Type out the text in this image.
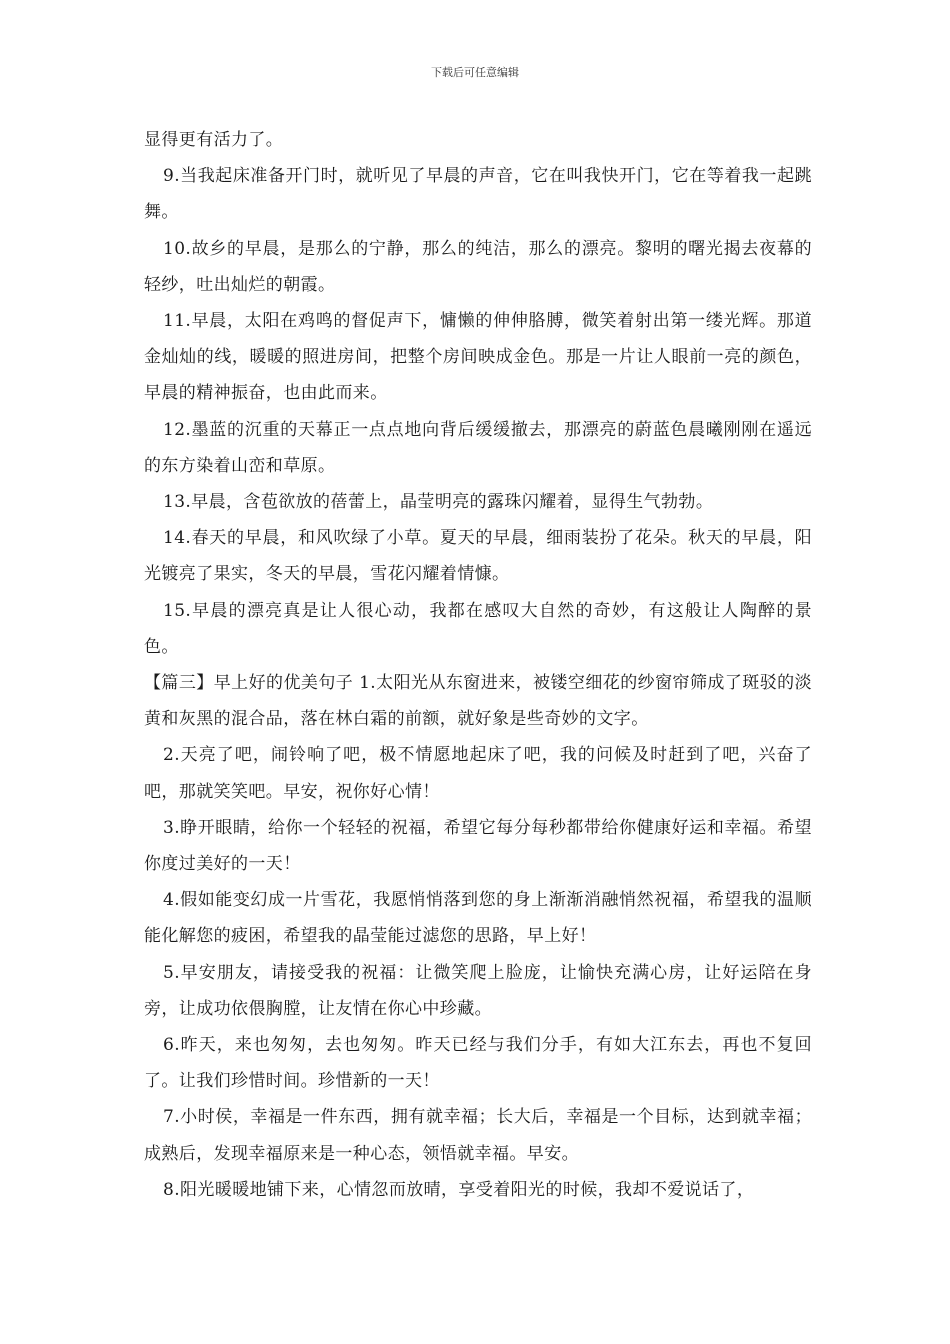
下载后可任意编辑

显得更有活力了。

9.当我起床准备开门时，就听见了早晨的声音，它在叫我快开门，它在等着我一起跳舞。

10.故乡的早晨，是那么的宁静，那么的纯洁，那么的漂亮。黎明的曙光揭去夜幕的轻纱，吐出灿烂的朝霞。

11.早晨，太阳在鸡鸣的督促声下，慵懒的伸伸胳膊，微笑着射出第一缕光辉。那道金灿灿的线，暖暖的照进房间，把整个房间映成金色。那是一片让人眼前一亮的颜色，早晨的精神振奋，也由此而来。

12.墨蓝的沉重的天幕正一点点地向背后缓缓撤去，那漂亮的蔚蓝色晨曦刚刚在遥远的东方染着山峦和草原。

13.早晨，含苞欲放的蓓蕾上，晶莹明亮的露珠闪耀着，显得生气勃勃。

14.春天的早晨，和风吹绿了小草。夏天的早晨，细雨装扮了花朵。秋天的早晨，阳光镀亮了果实，冬天的早晨，雪花闪耀着情慷。

15.早晨的漂亮真是让人很心动，我都在感叹大自然的奇妙，有这般让人陶醉的景色。

【篇三】早上好的优美句子 1.太阳光从东窗进来，被镂空细花的纱窗帘筛成了斑驳的淡黄和灰黑的混合品，落在林白霜的前额，就好象是些奇妙的文字。

2.天亮了吧，闹铃响了吧，极不情愿地起床了吧，我的问候及时赶到了吧，兴奋了吧，那就笑笑吧。早安，祝你好心情！

3.睁开眼睛，给你一个轻轻的祝福，希望它每分每秒都带给你健康好运和幸福。希望你度过美好的一天！

4.假如能变幻成一片雪花，我愿悄悄落到您的身上渐渐消融悄然祝福，希望我的温顺能化解您的疲困，希望我的晶莹能过滤您的思路，早上好！

5.早安朋友，请接受我的祝福：让微笑爬上脸庞，让愉快充满心房，让好运陪在身旁，让成功依偎胸膛，让友情在你心中珍藏。

6.昨天，来也匆匆，去也匆匆。昨天已经与我们分手，有如大江东去，再也不复回了。让我们珍惜时间。珍惜新的一天！

7.小时侯，幸福是一件东西，拥有就幸福；长大后，幸福是一个目标，达到就幸福；成熟后，发现幸福原来是一种心态，领悟就幸福。早安。

8.阳光暖暖地铺下来，心情忽而放晴，享受着阳光的时候，我却不爱说话了，
